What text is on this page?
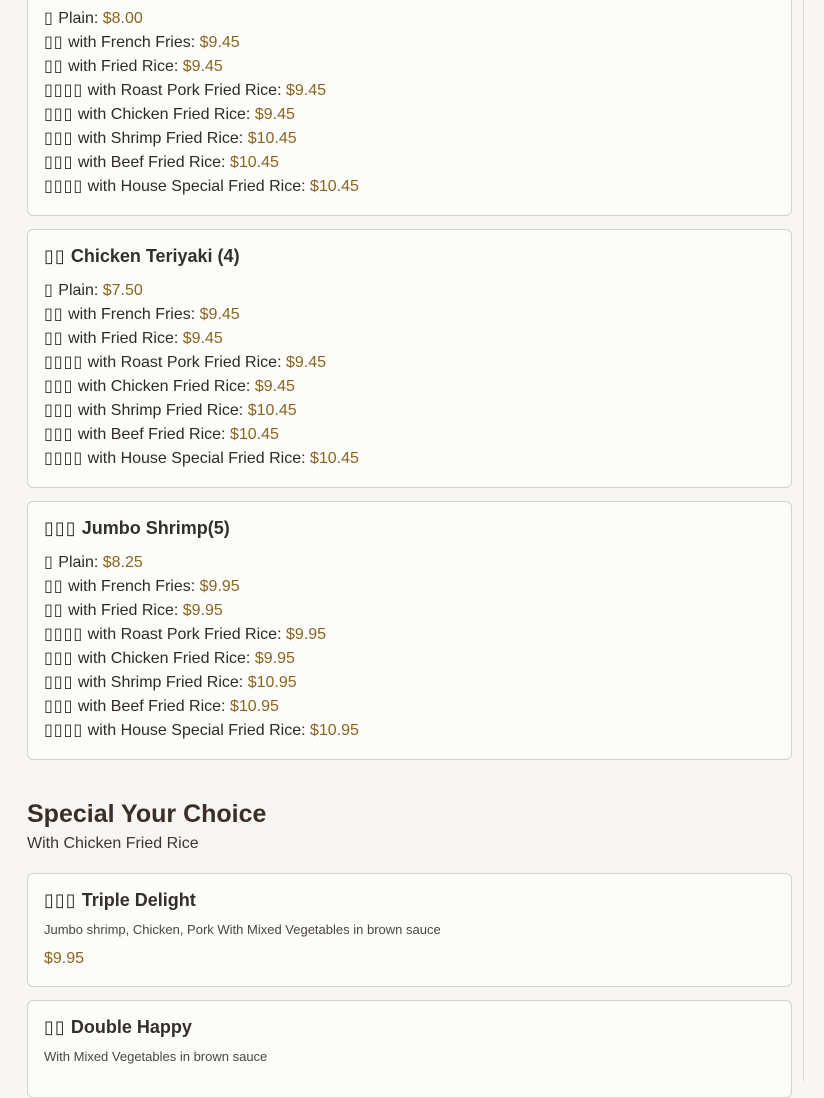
▯ Plain: $8.00
▯▯ with French Fries: $9.45
▯▯ with Fried Rice: $9.45
▯▯▯▯ with Roast Pork Fried Rice: $9.45
▯▯▯ with Chicken Fried Rice: $9.45
▯▯▯ with Shrimp Fried Rice: $10.45
▯▯▯ with Beef Fried Rice: $10.45
▯▯▯▯ with House Special Fried Rice: $10.45
▯▯ Chicken Teriyaki (4)
▯ Plain: $7.50
▯▯ with French Fries: $9.45
▯▯ with Fried Rice: $9.45
▯▯▯▯ with Roast Pork Fried Rice: $9.45
▯▯▯ with Chicken Fried Rice: $9.45
▯▯▯ with Shrimp Fried Rice: $10.45
▯▯▯ with Beef Fried Rice: $10.45
▯▯▯▯ with House Special Fried Rice: $10.45
▯▯▯ Jumbo Shrimp(5)
▯ Plain: $8.25
▯▯ with French Fries: $9.95
▯▯ with Fried Rice: $9.95
▯▯▯▯ with Roast Pork Fried Rice: $9.95
▯▯▯ with Chicken Fried Rice: $9.95
▯▯▯ with Shrimp Fried Rice: $10.95
▯▯▯ with Beef Fried Rice: $10.95
▯▯▯▯ with House Special Fried Rice: $10.95
Special Your Choice
With Chicken Fried Rice
▯▯▯ Triple Delight
Jumbo shrimp, Chicken, Pork With Mixed Vegetables in brown sauce
$9.95
▯▯ Double Happy
With Mixed Vegetables in brown sauce
